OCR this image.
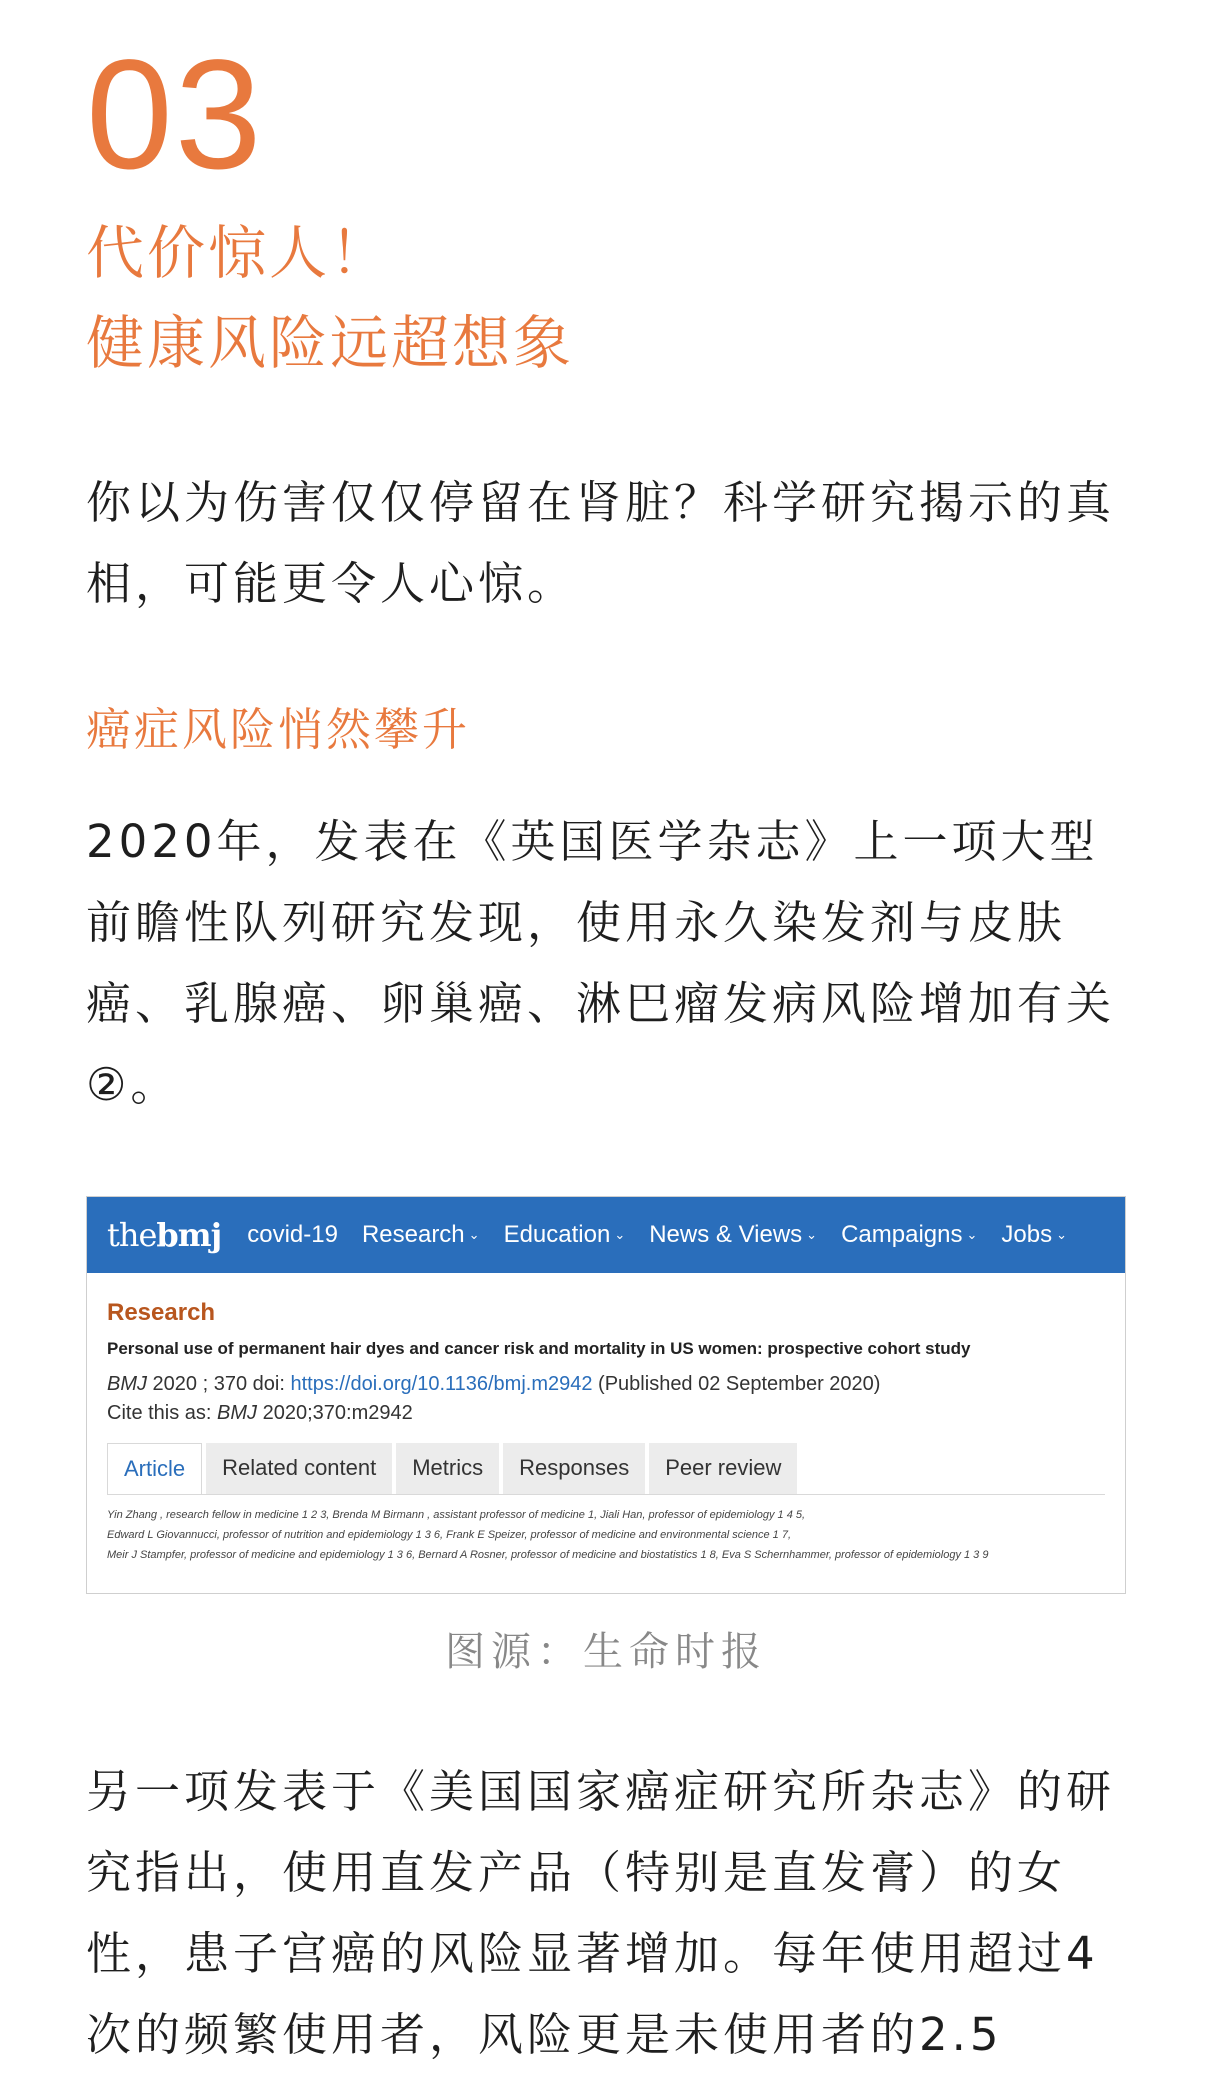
03
代价惊人！
健康风险远超想象
你以为伤害仅仅停留在肾脏？科学研究揭示的真相，可能更令人心惊。
癌症风险悄然攀升
2020年，发表在《英国医学杂志》上一项大型前瞻性队列研究发现，使用永久染发剂与皮肤癌、乳腺癌、卵巢癌、淋巴瘤发病风险增加有关②。
thebmj covid-19 Research ⌄ Education ⌄ News & Views ⌄ Campaigns ⌄ Jobs ⌄
Research
Personal use of permanent hair dyes and cancer risk and mortality in US women: prospective cohort study
BMJ 2020 ; 370 doi: https://doi.org/10.1136/bmj.m2942 (Published 02 September 2020)
Cite this as: BMJ 2020;370:m2942
Article	Related content	Metrics	Responses	Peer review
Yin Zhang , research fellow in medicine 1 2 3, Brenda M Birmann , assistant professor of medicine 1, Jiali Han, professor of epidemiology 1 4 5,
Edward L Giovannucci, professor of nutrition and epidemiology 1 3 6, Frank E Speizer, professor of medicine and environmental science 1 7,
Meir J Stampfer, professor of medicine and epidemiology 1 3 6, Bernard A Rosner, professor of medicine and biostatistics 1 8, Eva S Schernhammer, professor of epidemiology 1 3 9
图源：生命时报
另一项发表于《美国国家癌症研究所杂志》的研究指出，使用直发产品（特别是直发膏）的女性，患子宫癌的风险显著增加。每年使用超过4次的频繁使用者，风险更是未使用者的2.5
